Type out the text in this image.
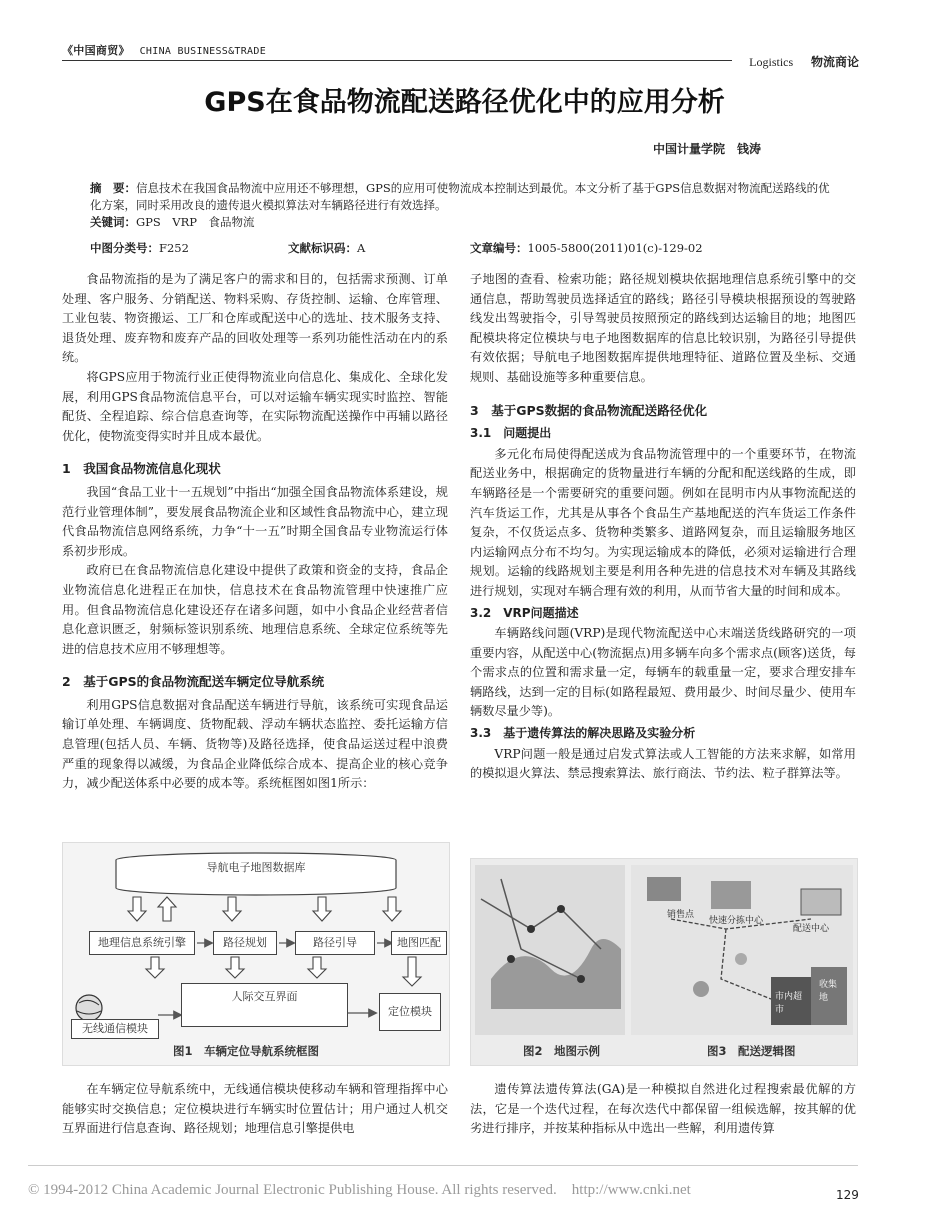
《中国商贸》 CHINA BUSINESS&TRADE
Logistics 物流商论
GPS在食品物流配送路径优化中的应用分析
中国计量学院　钱涛
摘　要：信息技术在我国食品物流中应用还不够理想，GPS的应用可使物流成本控制达到最优。本文分析了基于GPS信息数据对物流配送路线的优化方案，同时采用改良的遗传退火模拟算法对车辆路径进行有效选择。
关键词：GPS　VRP　食品物流
中图分类号：F252	文献标识码：A	文章编号：1005-5800(2011)01(c)-129-02

食品物流指的是为了满足客户的需求和目的，包括需求预测、订单处理、客户服务、分销配送、物料采购、存货控制、运输、仓库管理、工业包装、物资搬运、工厂和仓库或配送中心的选址、技术服务支持、退货处理、废弃物和废弃产品的回收处理等一系列功能性活动在内的系统。

将GPS应用于物流行业正使得物流业向信息化、集成化、全球化发展，利用GPS食品物流信息平台，可以对运输车辆实现实时监控、智能配货、全程追踪、综合信息查询等，在实际物流配送操作中再辅以路径优化，使物流变得实时并且成本最优。

1　我国食品物流信息化现状

我国“食品工业十一五规划”中指出“加强全国食品物流体系建设，规范行业管理体制”，要发展食品物流企业和区域性食品物流中心，建立现代食品物流信息网络系统，力争“十一五”时期全国食品专业物流运行体系初步形成。

政府已在食品物流信息化建设中提供了政策和资金的支持，食品企业物流信息化进程正在加快，信息技术在食品物流管理中快速推广应用。但食品物流信息化建设还存在诸多问题，如中小食品企业经营者信息化意识匮乏，射频标签识别系统、地理信息系统、全球定位系统等先进的信息技术应用不够理想等。

2　基于GPS的食品物流配送车辆定位导航系统

利用GPS信息数据对食品配送车辆进行导航，该系统可实现食品运输订单处理、车辆调度、货物配载、浮动车辆状态监控、委托运输方信息管理(包括人员、车辆、货物等)及路径选择，使食品运送过程中浪费严重的现象得以减缓，为食品企业降低综合成本、提高企业的核心竞争力，减少配送体系中必要的成本等。系统框图如图1所示：

导航电子地图数据库
地理信息系统引擎	路径规划	路径引导	地图匹配
人际交互界面
定位模块
无线通信模块
图1　车辆定位导航系统框图

在车辆定位导航系统中，无线通信模块使移动车辆和管理指挥中心能够实时交换信息；定位模块进行车辆实时位置估计；用户通过人机交互界面进行信息查询、路径规划；地理信息引擎提供电

子地图的查看、检索功能；路径规划模块依据地理信息系统引擎中的交通信息，帮助驾驶员选择适宜的路线；路径引导模块根据预设的驾驶路线发出驾驶指令，引导驾驶员按照预定的路线到达运输目的地；地图匹配模块将定位模块与电子地图数据库的信息比较识别，为路径引导提供有效依据；导航电子地图数据库提供地理特征、道路位置及坐标、交通规则、基础设施等多种重要信息。

3　基于GPS数据的食品物流配送路径优化
3.1　问题提出

多元化布局使得配送成为食品物流管理中的一个重要环节，在物流配送业务中，根据确定的货物量进行车辆的分配和配送线路的生成，即车辆路径是一个需要研究的重要问题。例如在昆明市内从事物流配送的汽车货运工作，尤其是从事各个食品生产基地配送的汽车货运工作条件复杂，不仅货运点多、货物种类繁多、道路网复杂，而且运输服务地区内运输网点分布不均匀。为实现运输成本的降低，必须对运输进行合理规划。运输的线路规划主要是利用各种先进的信息技术对车辆及其路线进行规划，实现对车辆合理有效的利用，从而节省大量的时间和成本。

3.2　VRP问题描述

车辆路线问题(VRP)是现代物流配送中心末端送货线路研究的一项重要内容，从配送中心(物流据点)用多辆车向多个需求点(顾客)送货，每个需求点的位置和需求量一定，每辆车的载重量一定，要求合理安排车辆路线，达到一定的目标(如路程最短、费用最少、时间尽量少、使用车辆数尽量少等)。

3.3　基于遗传算法的解决思路及实验分析

VRP问题一般是通过启发式算法或人工智能的方法来求解，如常用的模拟退火算法、禁忌搜索算法、旅行商法、节约法、粒子群算法等。

销售点
快速分拣中心
配送中心
市内超市
收集地
图2　地图示例	图3　配送逻辑图

遗传算法遗传算法(GA)是一种模拟自然进化过程搜索最优解的方法，它是一个迭代过程，在每次迭代中都保留一组候选解，按其解的优劣进行排序，并按某种指标从中选出一些解，利用遗传算

© 1994-2012 China Academic Journal Electronic Publishing House. All rights reserved.　http://www.cnki.net	129
